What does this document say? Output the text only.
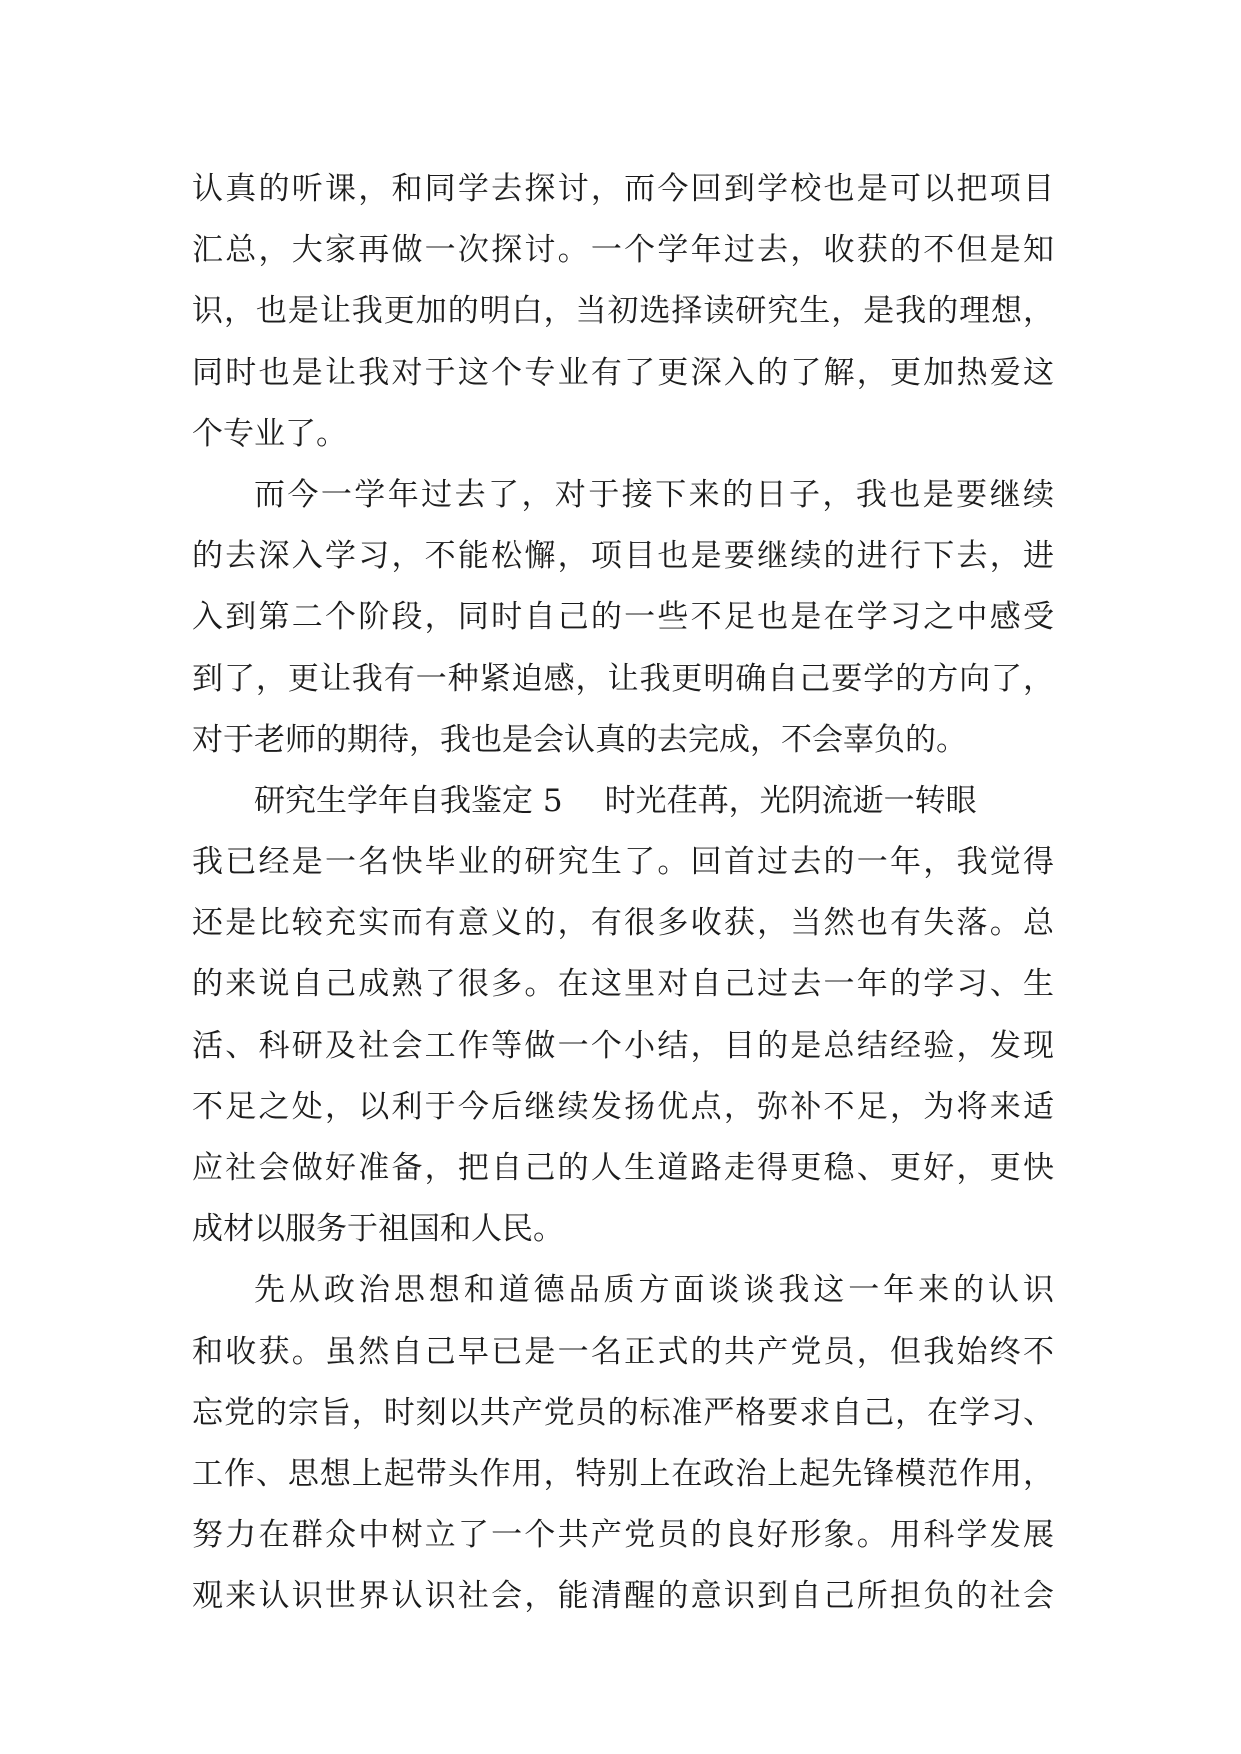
认真的听课，和同学去探讨，而今回到学校也是可以把项目
汇总，大家再做一次探讨。一个学年过去，收获的不但是知
识，也是让我更加的明白，当初选择读研究生，是我的理想，
同时也是让我对于这个专业有了更深入的了解，更加热爱这
个专业了。
而今一学年过去了，对于接下来的日子，我也是要继续
的去深入学习，不能松懈，项目也是要继续的进行下去，进
入到第二个阶段，同时自己的一些不足也是在学习之中感受
到了，更让我有一种紧迫感，让我更明确自己要学的方向了，
对于老师的期待，我也是会认真的去完成，不会辜负的。
研究生学年自我鉴定 5 时光荏苒，光阴流逝一转眼
我已经是一名快毕业的研究生了。回首过去的一年，我觉得
还是比较充实而有意义的，有很多收获，当然也有失落。总
的来说自己成熟了很多。在这里对自己过去一年的学习、生
活、科研及社会工作等做一个小结，目的是总结经验，发现
不足之处，以利于今后继续发扬优点，弥补不足，为将来适
应社会做好准备，把自己的人生道路走得更稳、更好，更快
成材以服务于祖国和人民。
先从政治思想和道德品质方面谈谈我这一年来的认识
和收获。虽然自己早已是一名正式的共产党员，但我始终不
忘党的宗旨，时刻以共产党员的标准严格要求自己，在学习、
工作、思想上起带头作用，特别上在政治上起先锋模范作用，
努力在群众中树立了一个共产党员的良好形象。用科学发展
观来认识世界认识社会，能清醒的意识到自己所担负的社会
